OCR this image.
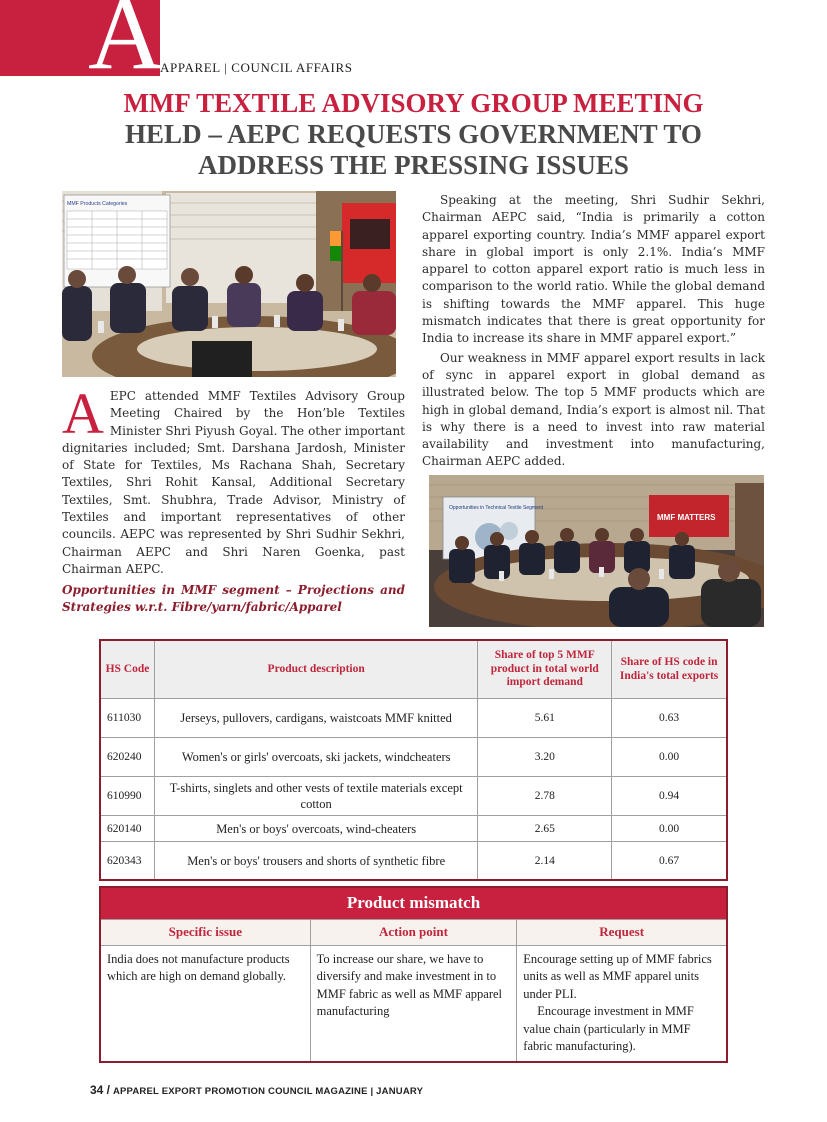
A
APPAREL | COUNCIL AFFAIRS
MMF TEXTILE ADVISORY GROUP MEETING
HELD – AEPC REQUESTS GOVERNMENT TO
ADDRESS THE PRESSING ISSUES
MMF Products Categories
A EPC attended MMF Textiles Advisory Group Meeting Chaired by the Hon’ble Textiles Minister Shri Piyush Goyal. The other important dignitaries included; Smt. Darshana Jardosh, Minister of State for Textiles, Ms Rachana Shah, Secretary Textiles, Shri Rohit Kansal, Additional Secretary Textiles, Smt. Shubhra, Trade Advisor, Ministry of Textiles and important representatives of other councils. AEPC was represented by Shri Sudhir Sekhri, Chairman AEPC and Shri Naren Goenka, past Chairman AEPC.
Opportunities in MMF segment – Projections and Strategies w.r.t. Fibre/yarn/fabric/Apparel

Speaking at the meeting, Shri Sudhir Sekhri, Chairman AEPC said, “India is primarily a cotton apparel exporting country. India’s MMF apparel export share in global import is only 2.1%. India’s MMF apparel to cotton apparel export ratio is much less in comparison to the world ratio. While the global demand is shifting towards the MMF apparel. This huge mismatch indicates that there is great opportunity for India to increase its share in MMF apparel export.”

Our weakness in MMF apparel export results in lack of sync in apparel export in global demand as illustrated below. The top 5 MMF products which are high in global demand, India’s export is almost nil. That is why there is a need to invest into raw material availability and investment into manufacturing, Chairman AEPC added.

Opportunities in Technical Textile Segment
MMF MATTERS
HS Code	Product description	Share of top 5 MMF product in total world import demand	Share of HS code in India's total exports
611030	Jerseys, pullovers, cardigans, waistcoats MMF knitted	5.61	0.63
620240	Women's or girls' overcoats, ski jackets, windcheaters	3.20	0.00
610990	T-shirts, singlets and other vests of textile materials except cotton	2.78	0.94
620140	Men's or boys' overcoats, wind-cheaters	2.65	0.00
620343	Men's or boys' trousers and shorts of synthetic fibre	2.14	0.67
Product mismatch		
Specific issue	Action point	Request
India does not manufacture products which are high on demand globally.	To increase our share, we have to diversify and make investment in to MMF fabric as well as MMF apparel manufacturing	Encourage setting up of MMF fabrics units as well as MMF apparel units under PLI.
Encourage investment in MMF value chain (particularly in MMF fabric manufacturing).
34 / APPAREL EXPORT PROMOTION COUNCIL MAGAZINE | JANUARY
